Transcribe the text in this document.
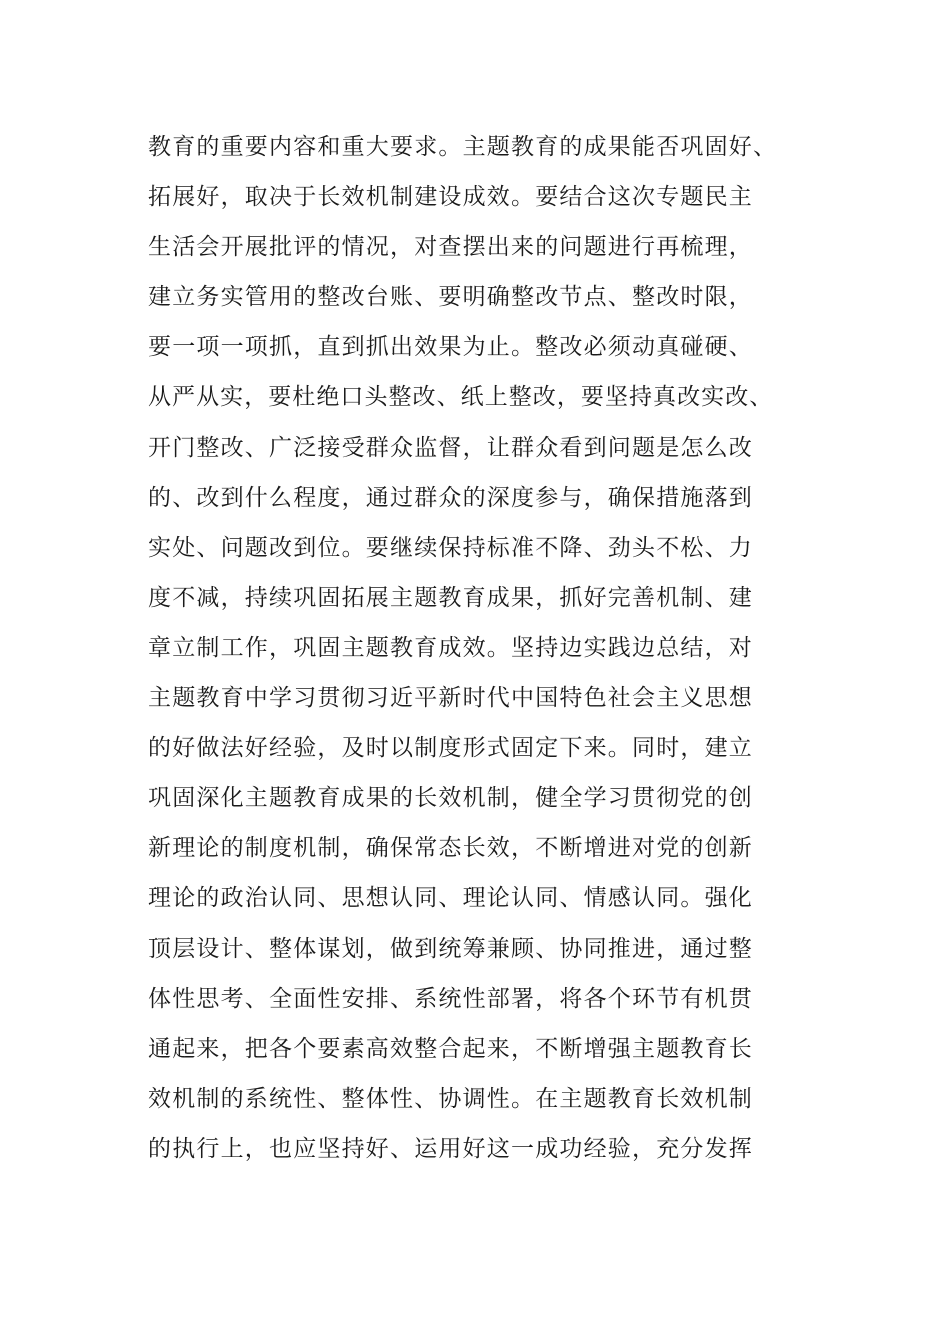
教育的重要内容和重大要求。主题教育的成果能否巩固好、
拓展好，取决于长效机制建设成效。要结合这次专题民主
生活会开展批评的情况，对查摆出来的问题进行再梳理，
建立务实管用的整改台账、要明确整改节点、整改时限，
要一项一项抓，直到抓出效果为止。整改必须动真碰硬、
从严从实，要杜绝口头整改、纸上整改，要坚持真改实改、
开门整改、广泛接受群众监督，让群众看到问题是怎么改
的、改到什么程度，通过群众的深度参与，确保措施落到
实处、问题改到位。要继续保持标准不降、劲头不松、力
度不减，持续巩固拓展主题教育成果，抓好完善机制、建
章立制工作，巩固主题教育成效。坚持边实践边总结，对
主题教育中学习贯彻习近平新时代中国特色社会主义思想
的好做法好经验，及时以制度形式固定下来。同时，建立
巩固深化主题教育成果的长效机制，健全学习贯彻党的创
新理论的制度机制，确保常态长效，不断增进对党的创新
理论的政治认同、思想认同、理论认同、情感认同。强化
顶层设计、整体谋划，做到统筹兼顾、协同推进，通过整
体性思考、全面性安排、系统性部署，将各个环节有机贯
通起来，把各个要素高效整合起来，不断增强主题教育长
效机制的系统性、整体性、协调性。在主题教育长效机制
的执行上，也应坚持好、运用好这一成功经验，充分发挥
